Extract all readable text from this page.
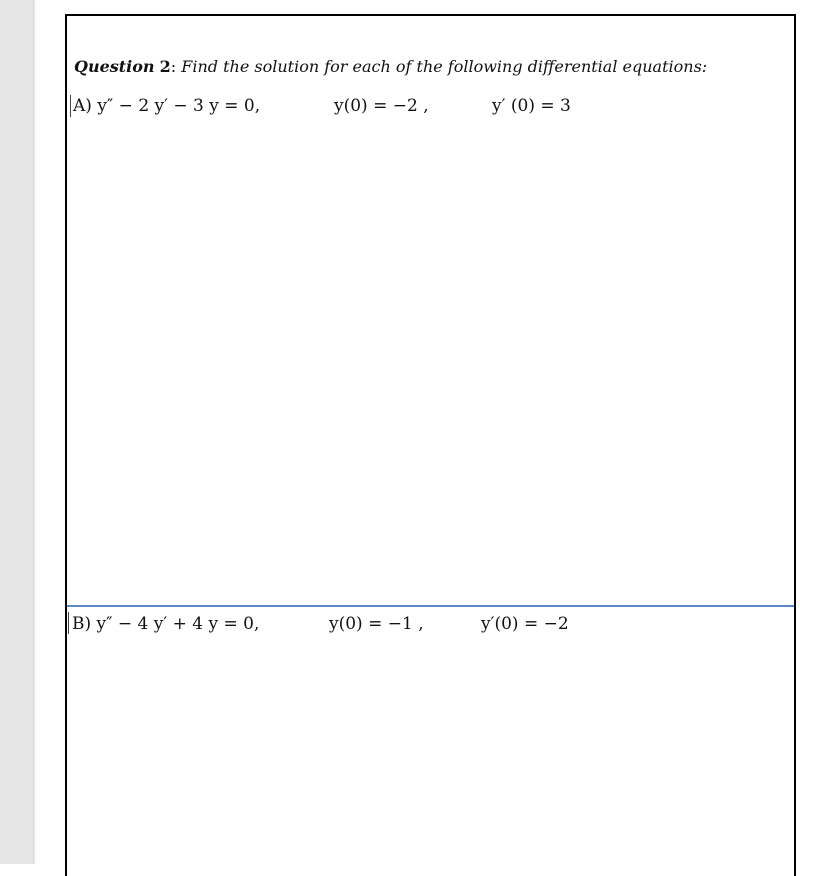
Question 2: Find the solution for each of the following differential equations:
A) y″ − 2 y′ − 3 y = 0,	y(0) = −2 ,	y′ (0) = 3
B) y″ − 4 y′ + 4 y = 0,	y(0) = −1 ,	y′(0) = −2
